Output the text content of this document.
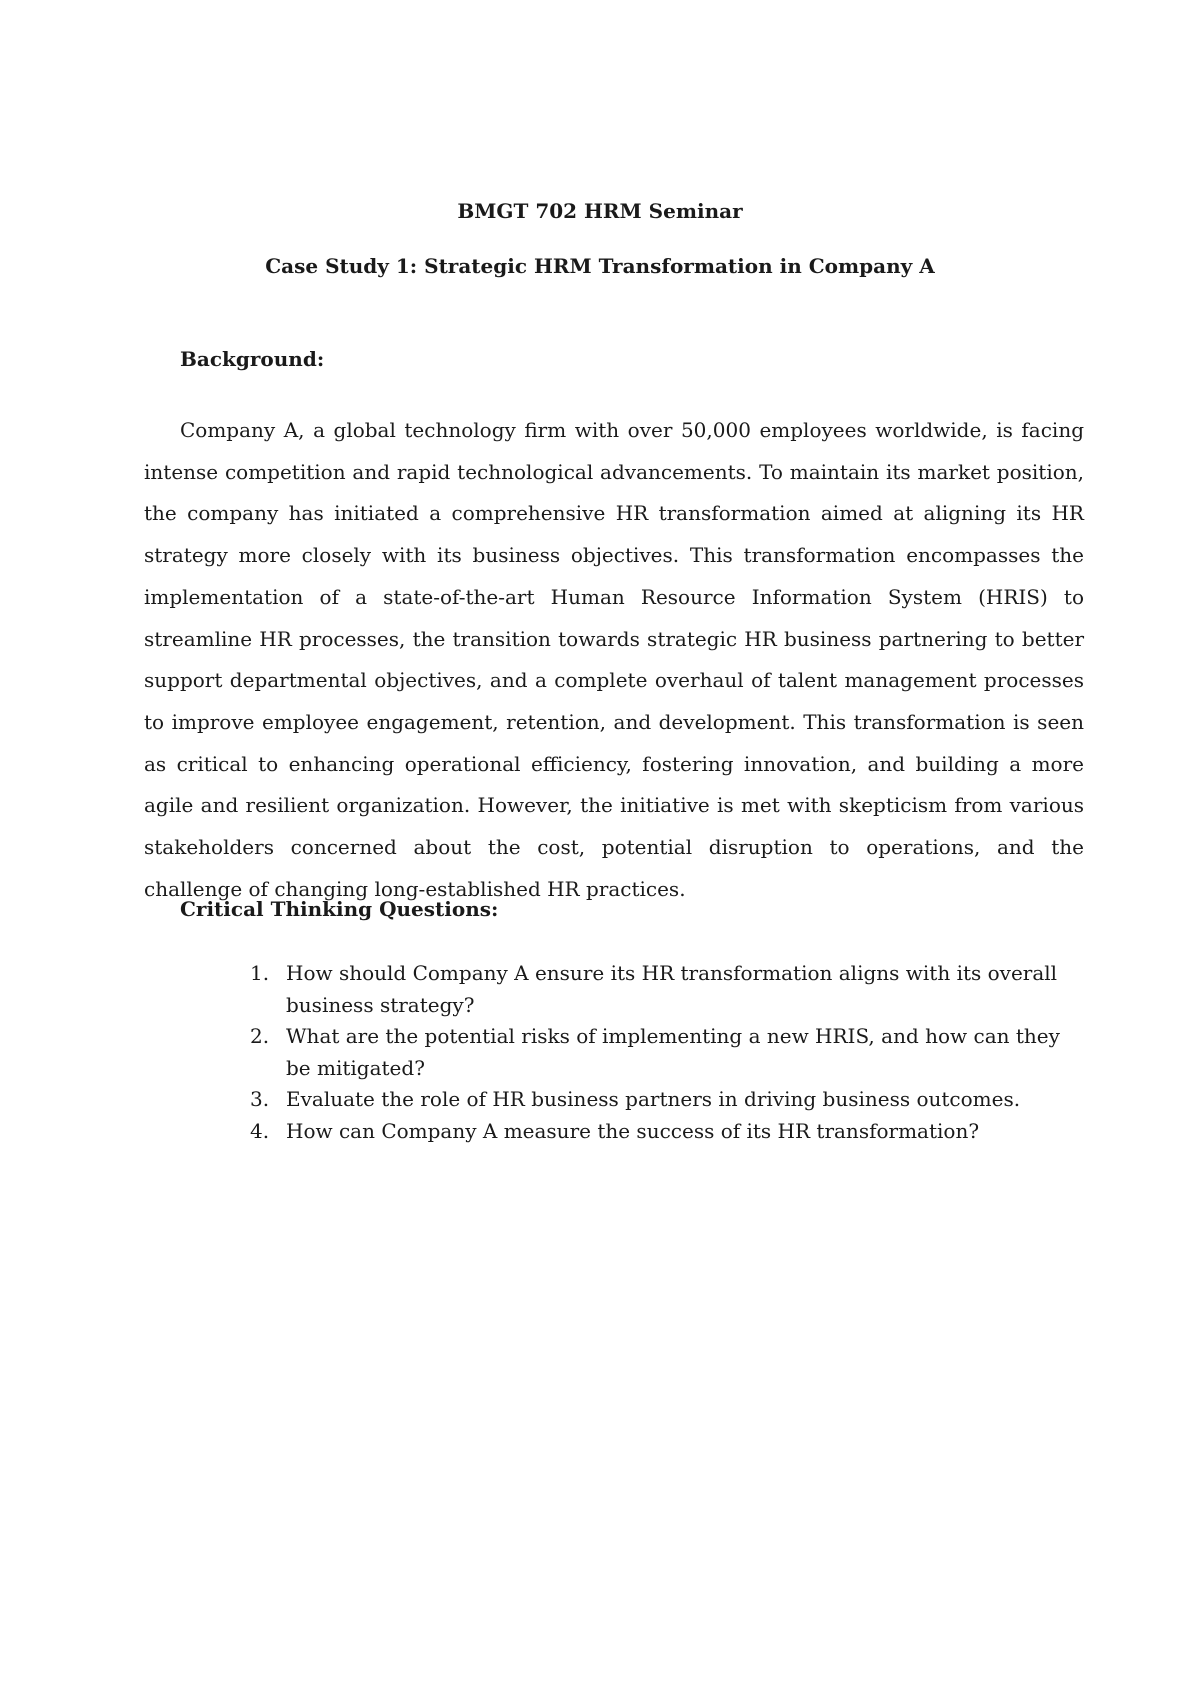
BMGT 702 HRM Seminar
Case Study 1: Strategic HRM Transformation in Company A
Background:

Company A, a global technology firm with over 50,000 employees worldwide, is facing intense competition and rapid technological advancements. To maintain its market position, the company has initiated a comprehensive HR transformation aimed at aligning its HR strategy more closely with its business objectives. This transformation encompasses the implementation of a state-of-the-art Human Resource Information System (HRIS) to streamline HR processes, the transition towards strategic HR business partnering to better support departmental objectives, and a complete overhaul of talent management processes to improve employee engagement, retention, and development. This transformation is seen as critical to enhancing operational efficiency, fostering innovation, and building a more agile and resilient organization. However, the initiative is met with skepticism from various stakeholders concerned about the cost, potential disruption to operations, and the challenge of changing long-established HR practices.

Critical Thinking Questions:
1. How should Company A ensure its HR transformation aligns with its overall business strategy?
2. What are the potential risks of implementing a new HRIS, and how can they be mitigated?
3. Evaluate the role of HR business partners in driving business outcomes.
4. How can Company A measure the success of its HR transformation?
